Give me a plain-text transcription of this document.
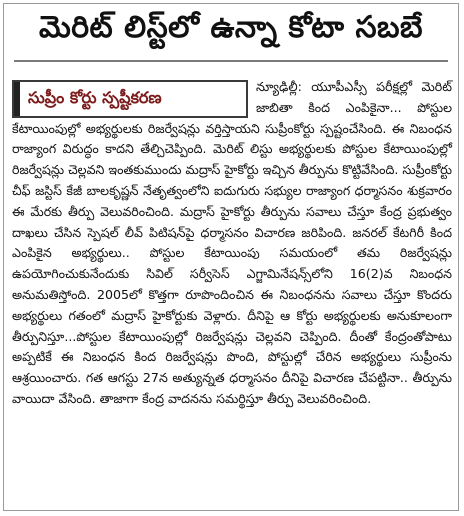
మెరిట్ లిస్ట్‌లో ఉన్నా కోటా సబబే
సుప్రీం కోర్టు స్పష్టీకరణ

న్యూఢిల్లీ: యూపీఎస్సీ పరీక్షల్లో మెరిట్ జాబితా కింద ఎంపికైనా... పోస్టుల కేటాయింపుల్లో అభ్యర్థులకు రిజర్వేషన్లు వర్తిస్తాయని సుప్రీంకోర్టు స్పష్టంచేసింది. ఈ నిబంధన రాజ్యాంగ విరుద్ధం కాదని తేల్చిచెప్పింది. మెరిట్ లిస్టు అభ్యర్థులకు పోస్టుల కేటాయింపుల్లో రిజర్వేషన్లు చెల్లవని ఇంతకుముందు మద్రాస్ హైకోర్టు ఇచ్చిన తీర్పును కొట్టివేసింది. సుప్రీంకోర్టు చీఫ్ జస్టిస్ కేజీ బాలకృష్ణన్ నేతృత్వంలోని ఐదుగురు సభ్యుల రాజ్యాంగ ధర్మాసనం శుక్రవారం ఈ మేరకు తీర్పు వెలువరించింది. మద్రాస్ హైకోర్టు తీర్పును సవాలు చేస్తూ కేంద్ర ప్రభుత్వం దాఖలు చేసిన స్పెషల్ లీవ్ పిటిషన్‌పై ధర్మాసనం విచారణ జరిపింది. జనరల్ కేటగిరీ కింద ఎంపికైన అభ్యర్థులు.. పోస్టుల కేటాయింపు సమయంలో తమ రిజర్వేషన్లు ఉపయోగించుకునేందుకు సివిల్ సర్వీసెస్ ఎగ్జామినేషన్స్‌లోని 16(2)వ నిబంధన అనుమతిస్తోంది. 2005లో కొత్తగా రూపొందించిన ఈ నిబంధనను సవాలు చేస్తూ కొందరు అభ్యర్థులు గతంలో మద్రాస్ హైకోర్టుకు వెళ్లారు. దీనిపై ఆ కోర్టు అభ్యర్థులకు అనుకూలంగా తీర్పునిస్తూ...పోస్టుల కేటాయింపుల్లో రిజర్వేషన్లు చెల్లవని చెప్పింది. దీంతో కేంద్రంతోపాటు అప్పటికే ఈ నిబంధన కింద రిజర్వేషన్లు పొంది, పోస్టుల్లో చేరిన అభ్యర్థులు సుప్రీంను ఆశ్రయించారు. గత ఆగస్టు 27న అత్యున్నత ధర్మాసనం దీనిపై విచారణ చేపట్టినా.. తీర్పును వాయిదా వేసింది. తాజాగా కేంద్ర వాదనను సమర్థిస్తూ తీర్పు వెలువరించింది.
